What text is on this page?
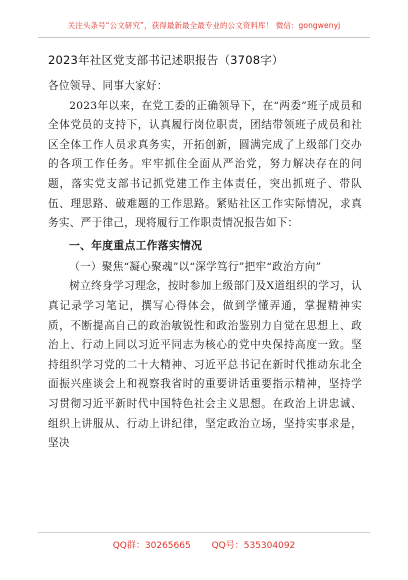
关注头条号“公文研究”，获得最新最全最专业的公文资料库！ 微信：gongwenyj
2023年社区党支部书记述职报告（3708字）

各位领导、同事大家好：

2023年以来，在党工委的正确领导下，在“两委”班子成员和全体党员的支持下，认真履行岗位职责，团结带领班子成员和社区全体工作人员求真务实，开拓创新，圆满完成了上级部门交办的各项工作任务。牢牢抓住全面从严治党，努力解决存在的问题，落实党支部书记抓党建工作主体责任，突出抓班子、带队伍、理思路、破难题的工作思路。紧贴社区工作实际情况，求真务实、严于律己，现将履行工作职责情况报告如下：

一、年度重点工作落实情况

（一）聚焦“凝心聚魂”以“深学笃行”把牢“政治方向”

树立终身学习理念，按时参加上级部门及X道组织的学习，认真记录学习笔记，撰写心得体会，做到学懂弄通，掌握精神实质，不断提高自己的政治敏锐性和政治鉴别力自觉在思想上、政治上、行动上同以习近平同志为核心的党中央保持高度一致。坚持组织学习党的二十大精神、习近平总书记在新时代推动东北全面振兴座谈会上和视察我省时的重要讲话重要指示精神，坚持学习贯彻习近平新时代中国特色社会主义思想。在政治上讲忠诚、组织上讲服从、行动上讲纪律，坚定政治立场，坚持实事求是，坚决

QQ群：30265665 QQ号：535304092
